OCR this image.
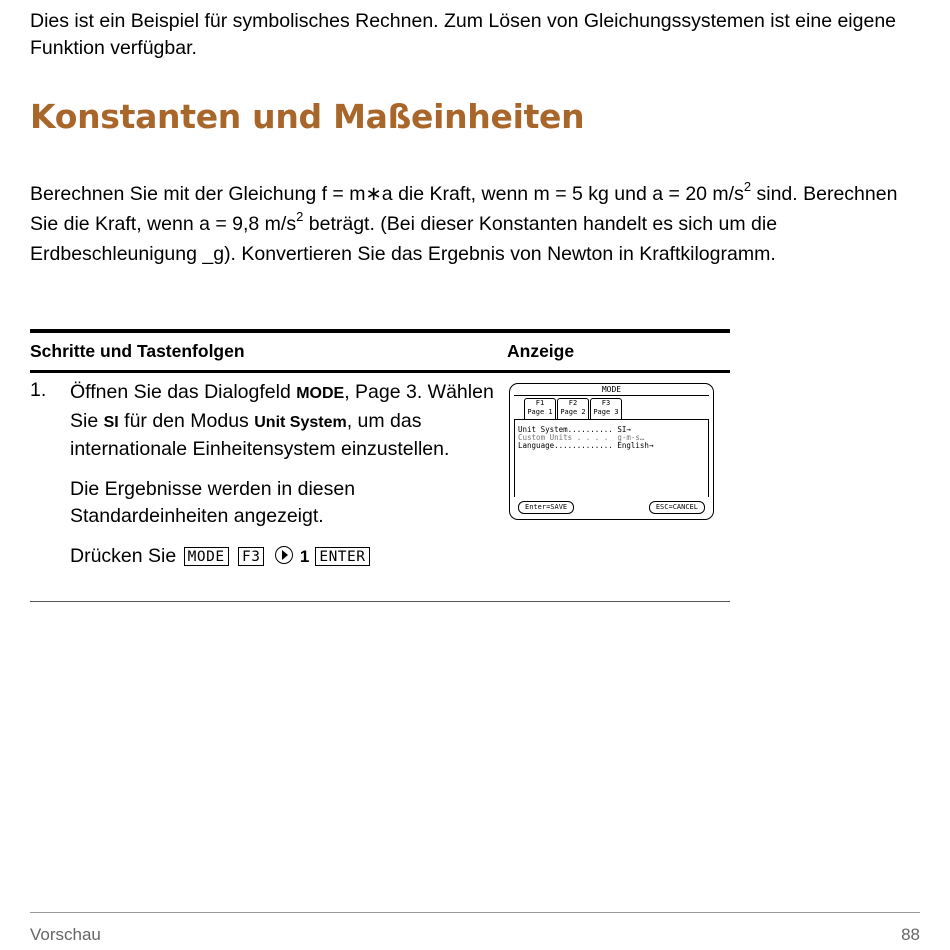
Dies ist ein Beispiel für symbolisches Rechnen. Zum Lösen von Gleichungssystemen ist eine eigene Funktion verfügbar.
Konstanten und Maßeinheiten
Berechnen Sie mit der Gleichung f = m∗a die Kraft, wenn m = 5 kg und a = 20 $m/s^2$ sind. Berechnen Sie die Kraft, wenn a = 9,8 $m/s^2$ beträgt. (Bei dieser Konstanten handelt es sich um die Erdbeschleunigung _g). Konvertieren Sie das Ergebnis von Newton in Kraftkilogramm.
Schritte und Tastenfolgen	Anzeige
1. Öffnen Sie das Dialogfeld MODE, Page 3. Wählen Sie SI für den Modus Unit System, um das internationale Einheitensystem einzustellen.

Die Ergebnisse werden in diesen Standardeinheiten angezeigt.

Drücken Sie MODE F3 1 ENTER

MODE
F1
Page 1
F2
Page 2
F3
Page 3
Unit System.......... SI→
Custom Units . . . .  g-m-s…
Language............. English→
Enter=SAVE	ESC=CANCEL
Vorschau	88
